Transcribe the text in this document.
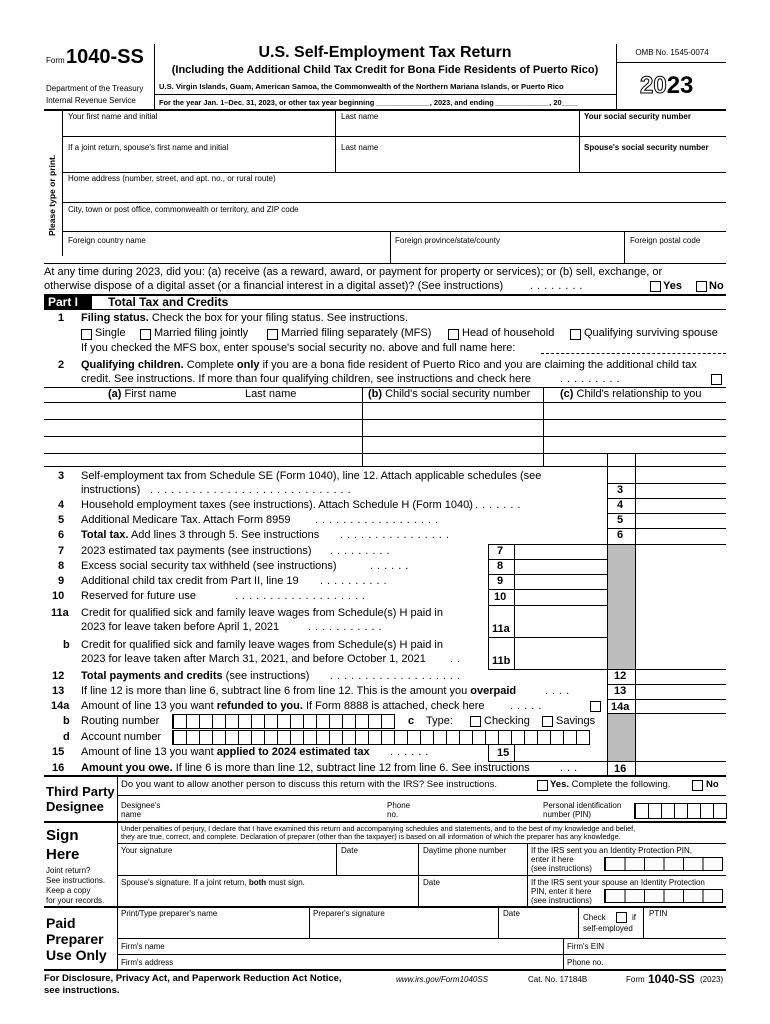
Form 1040-SS
Department of the Treasury
Internal Revenue Service
U.S. Self-Employment Tax Return
(Including the Additional Child Tax Credit for Bona Fide Residents of Puerto Rico)
U.S. Virgin Islands, Guam, American Samoa, the Commonwealth of the Northern Mariana Islands, or Puerto Rico
For the year Jan. 1–Dec. 31, 2023, or other tax year beginning _____________, 2023, and ending _____________, 20____
OMB No. 1545-0074
2023
Please type or print.
Your first name and initial	Last name	Your social security number
If a joint return, spouse's first name and initial	Last name	Spouse's social security number
Home address (number, street, and apt. no., or rural route)
City, town or post office, commonwealth or territory, and ZIP code
Foreign country name	Foreign province/state/county	Foreign postal code
At any time during 2023, did you: (a) receive (as a reward, award, or payment for property or services); or (b) sell, exchange, or
otherwise dispose of a digital asset (or a financial interest in a digital asset)? (See instructions) ........	Yes No
Part I Total Tax and Credits
1 Filing status. Check the box for your filing status. See instructions.
Single	Married filing jointly	Married filing separately (MFS)	Head of household	Qualifying surviving spouse
If you checked the MFS box, enter spouse's social security no. above and full name here:
2 Qualifying children. Complete only if you are a bona fide resident of Puerto Rico and you are claiming the additional child tax
credit. See instructions. If more than four qualifying children, see instructions and check here	.........
(a) First name	Last name	(b) Child's social security number	(c) Child's relationship to you
3 Self-employment tax from Schedule SE (Form 1040), line 12. Attach applicable schedules (see
instructions) .............................	3
4 Household employment taxes (see instructions). Attach Schedule H (Form 1040)
........	4
5 Additional Medicare Tax. Attach Form 8959 ..................	5
6 Total tax. Add lines 3 through 5. See instructions ................	6
7 2023 estimated tax payments (see instructions) .........	7
8 Excess social security tax withheld (see instructions)	......	8
9 Additional child tax credit from Part II, line 19 ..........	9
10 Reserved for future use	...................	10
11a Credit for qualified sick and family leave wages from Schedule(s) H paid in
2023 for leave taken before April 1, 2021	...........	11a
b Credit for qualified sick and family leave wages from Schedule(s) H paid in
2023 for leave taken after March 31, 2021, and before October 1, 2021 ..	11b
12 Total payments and credits (see instructions) ...................	12
13 If line 12 is more than line 6, subtract line 6 from line 12. This is the amount you overpaid	....	13
14a Amount of line 13 you want refunded to you. If Form 8888 is attached, check here .....	14a
b Routing number	c Type:	Checking Savings
d Account number
15 Amount of line 13 you want applied to 2024 estimated tax ......	15
16 Amount you owe. If line 6 is more than line 12, subtract line 12 from line 6. See instructions	...	16
Third Party
Designee
Do you want to allow another person to discuss this return with the IRS? See instructions.	Yes. Complete the following.	No
Designee's
name
Phone
no.
Personal identification
number (PIN)
Sign
Here
Joint return?
See instructions.
Keep a copy
for your records.
Under penalties of perjury, I declare that I have examined this return and accompanying schedules and statements, and to the best of my knowledge and belief,
they are true, correct, and complete. Declaration of preparer (other than the taxpayer) is based on all information of which the preparer has any knowledge.
Your signature	Date	Daytime phone number	If the IRS sent you an Identity Protection PIN,
enter it here
(see instructions)
Spouse's signature. If a joint return, both must sign.	Date	If the IRS sent your spouse an Identity Protection
PIN, enter it here
(see instructions)
Paid
Preparer
Use Only
Print/Type preparer's name	Preparer's signature	Date	Check	if
self-employed
PTIN
Firm's name	Firm's EIN
Firm's address	Phone no.
For Disclosure, Privacy Act, and Paperwork Reduction Act Notice,
see instructions.
www.irs.gov/Form1040SS	Cat. No. 17184B	Form 1040-SS (2023)
